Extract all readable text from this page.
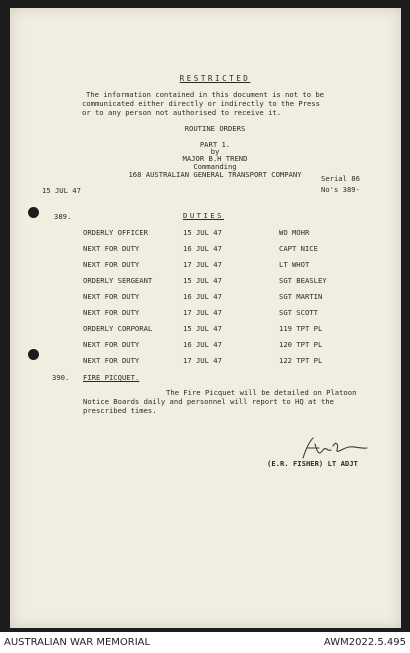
RESTRICTED
The information contained in this document is not to be
communicated either directly or indirectly to the Press
or to any person not authorised to receive it.
ROUTINE ORDERS
PART 1.
by
MAJOR B.H TREND
Commanding
168 AUSTRALIAN GENERAL TRANSPORT COMPANY
15 JUL 47
Serial 86
No's 389-
389.	DUTIES
ORDERLY OFFICER	15 JUL 47	WO MOHR
NEXT FOR DUTY	16 JUL 47	CAPT NICE
NEXT FOR DUTY	17 JUL 47	LT WHOT
ORDERLY SERGEANT	15 JUL 47	SGT BEASLEY
NEXT FOR DUTY	16 JUL 47	SGT MARTIN
NEXT FOR DUTY	17 JUL 47	SGT SCOTT
ORDERLY CORPORAL	15 JUL 47	119 TPT PL
NEXT FOR DUTY	16 JUL 47	120 TPT PL
NEXT FOR DUTY	17 JUL 47	122 TPT PL
390. FIRE PICQUET.
The Fire Picquet will be detailed on Platoon
Notice Boards daily and personnel will report to HQ at the
prescribed times.
(E.R. FISHER) LT ADJT
AUSTRALIAN WAR MEMORIAL	AWM2022.5.495
